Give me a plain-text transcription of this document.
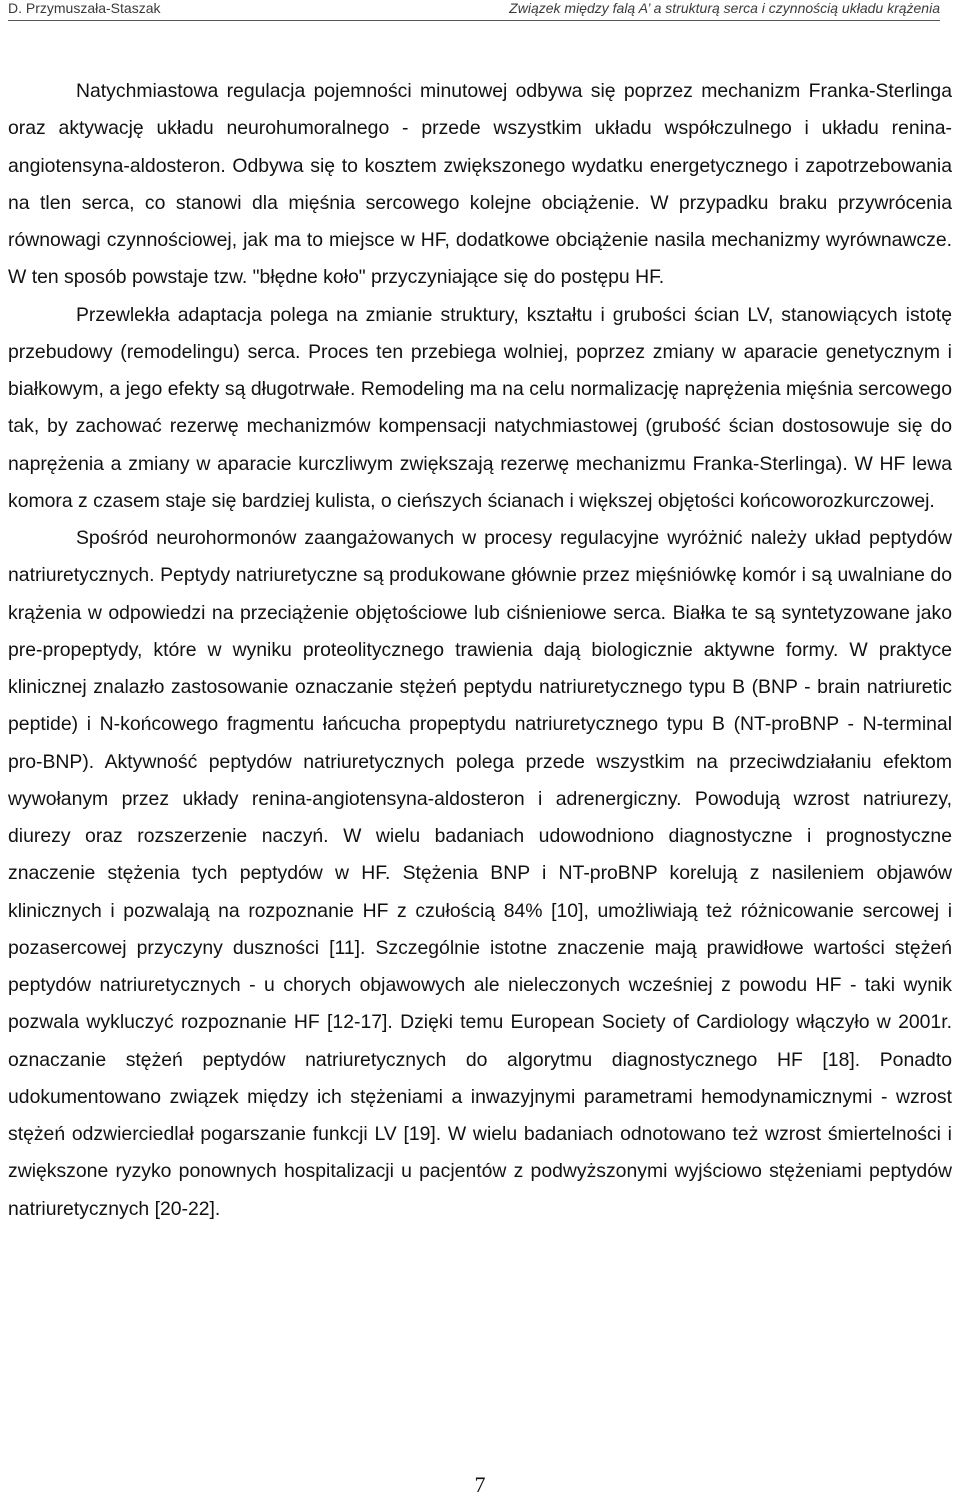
D. Przymuszała-Staszak	Związek między falą A’ a strukturą serca i czynnością układu krążenia

Natychmiastowa regulacja pojemności minutowej odbywa się poprzez mechanizm Franka-Sterlinga oraz aktywację układu neurohumoralnego - przede wszystkim układu współczulnego i układu renina-angiotensyna-aldosteron. Odbywa się to kosztem zwiększonego wydatku energetycznego i zapotrzebowania na tlen serca, co stanowi dla mięśnia sercowego kolejne obciążenie. W przypadku braku przywrócenia równowagi czynnościowej, jak ma to miejsce w HF, dodatkowe obciążenie nasila mechanizmy wyrównawcze. W ten sposób powstaje tzw. "błędne koło" przyczyniające się do postępu HF.

Przewlekła adaptacja polega na zmianie struktury, kształtu i grubości ścian LV, stanowiących istotę przebudowy (remodelingu) serca. Proces ten przebiega wolniej, poprzez zmiany w aparacie genetycznym i białkowym, a jego efekty są długotrwałe. Remodeling ma na celu normalizację naprężenia mięśnia sercowego tak, by zachować rezerwę mechanizmów kompensacji natychmiastowej (grubość ścian dostosowuje się do naprężenia a zmiany w aparacie kurczliwym zwiększają rezerwę mechanizmu Franka-Sterlinga). W HF lewa komora z czasem staje się bardziej kulista, o cieńszych ścianach i większej objętości końcoworozkurczowej.

Spośród neurohormonów zaangażowanych w procesy regulacyjne wyróżnić należy układ peptydów natriuretycznych. Peptydy natriuretyczne są produkowane głównie przez mięśniówkę komór i są uwalniane do krążenia w odpowiedzi na przeciążenie objętościowe lub ciśnieniowe serca. Białka te są syntetyzowane jako pre-propeptydy, które w wyniku proteolitycznego trawienia dają biologicznie aktywne formy. W praktyce klinicznej znalazło zastosowanie oznaczanie stężeń peptydu natriuretycznego typu B (BNP - brain natriuretic peptide) i N-końcowego fragmentu łańcucha propeptydu natriuretycznego typu B (NT-proBNP - N-terminal pro-BNP). Aktywność peptydów natriuretycznych polega przede wszystkim na przeciwdziałaniu efektom wywołanym przez układy renina-angiotensyna-aldosteron i adrenergiczny. Powodują wzrost natriurezy, diurezy oraz rozszerzenie naczyń. W wielu badaniach udowodniono diagnostyczne i prognostyczne znaczenie stężenia tych peptydów w HF. Stężenia BNP i NT-proBNP korelują z nasileniem objawów klinicznych i pozwalają na rozpoznanie HF z czułością 84% [10], umożliwiają też różnicowanie sercowej i pozasercowej przyczyny duszności [11]. Szczególnie istotne znaczenie mają prawidłowe wartości stężeń peptydów natriuretycznych - u chorych objawowych ale nieleczonych wcześniej z powodu HF - taki wynik pozwala wykluczyć rozpoznanie HF [12-17]. Dzięki temu European Society of Cardiology włączyło w 2001r. oznaczanie stężeń peptydów natriuretycznych do algorytmu diagnostycznego HF [18]. Ponadto udokumentowano związek między ich stężeniami a inwazyjnymi parametrami hemodynamicznymi - wzrost stężeń odzwierciedlał pogarszanie funkcji LV [19]. W wielu badaniach odnotowano też wzrost śmiertelności i zwiększone ryzyko ponownych hospitalizacji u pacjentów z podwyższonymi wyjściowo stężeniami peptydów natriuretycznych [20-22].

7
